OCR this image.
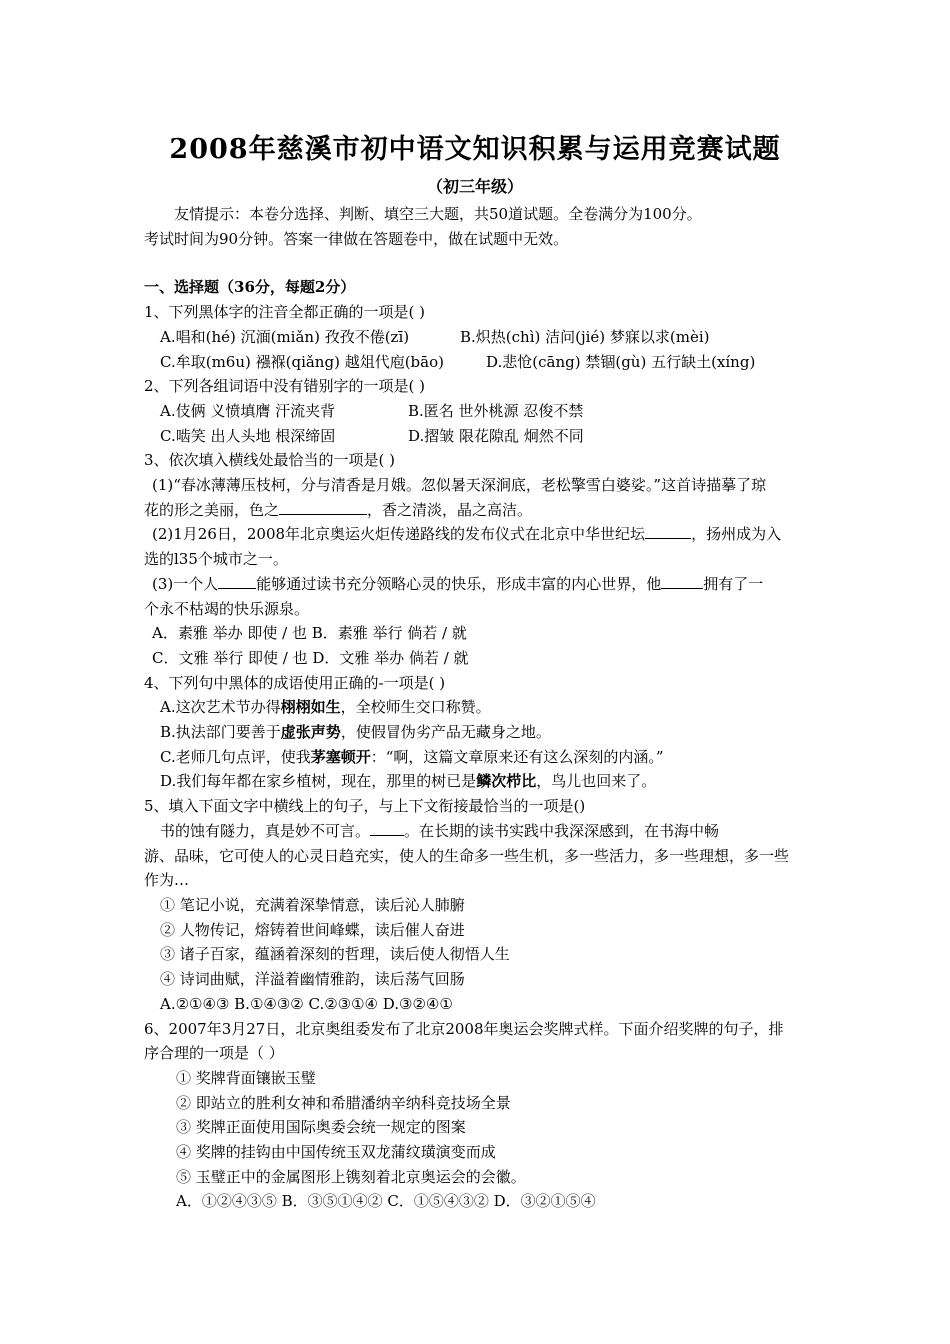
2008年慈溪市初中语文知识积累与运用竞赛试题
（初三年级）
友情提示：本卷分选择、判断、填空三大题，共50道试题。全卷满分为100分。
考试时间为90分钟。答案一律做在答题卷中，做在试题中无效。
一、选择题（36分，每题2分）
1、下列黑体字的注音全都正确的一项是( )
A.唱和(hé) 沉湎(miǎn) 孜孜不倦(zī)	B.炽热(chì) 洁问(jié) 梦寐以求(mèi)
C.牟取(m6u) 襁褓(qiǎng) 越俎代庖(bāo)	D.悲怆(cāng) 禁锢(gù) 五行缺土(xíng)
2、下列各组词语中没有错别字的一项是( )
A.伎俩 义愤填膺 汗流夹背	B.匿名 世外桃源 忍俊不禁
C.啮笑 出人头地 根深缔固	D.摺皱 限花隙乱 炯然不同
3、依次填入横线处最恰当的一项是( )
(1)“春冰薄薄压枝柯，分与清香是月娥。忽似暑天深涧底，老松擎雪白婆娑。”这首诗描摹了琼
花的形之美丽，色之	，香之清淡，晶之高洁。
(2)1月26日，2008年北京奥运火炬传递路线的发布仪式在北京中华世纪坛	，扬州成为入
选的l35个城市之一。
(3)一个人	能够通过读书充分领略心灵的快乐，形成丰富的内心世界，他	拥有了一
个永不枯竭的快乐源泉。
A．素雅 举办 即使 / 也 B．素雅 举行 倘若 / 就
C．文雅 举行 即使 / 也 D．文雅 举办 倘若 / 就
4、下列句中黑体的成语使用正确的-一项是( )
A.这次艺术节办得栩栩如生，全校师生交口称赞。
B.执法部门要善于虚张声势，使假冒伪劣产品无藏身之地。
C.老师几句点评，使我茅塞顿开：“啊，这篇文章原来还有这么深刻的内涵。”
D.我们每年都在家乡植树，现在，那里的树已是鳞次栉比，鸟儿也回来了。
5、填入下面文字中横线上的句子，与上下文衔接最恰当的一项是()
书的蚀有隧力，真是妙不可言。 。在长期的读书实践中我深深感到，在书海中畅
游、品味，它可使人的心灵日趋充实，使人的生命多一些生机，多一些活力，多一些理想，多一些
作为…
① 笔记小说，充满着深挚情意，读后沁人肺腑
② 人物传记，熔铸着世间峰蝶，读后催人奋进
③ 诸子百家，蕴涵着深刻的哲理，读后使人彻悟人生
④ 诗词曲赋，洋溢着幽情雅韵，读后荡气回肠
A.②①④③ B.①④③② C.②③①④ D.③②④①
6、2007年3月27日，北京奥组委发布了北京2008年奥运会奖牌式样。下面介绍奖牌的句子，排
序合理的一项是（ ）
① 奖牌背面镶嵌玉璧
② 即站立的胜利女神和希腊潘纳辛纳科竞技场全景
③ 奖牌正面使用国际奥委会统一规定的图案
④ 奖牌的挂钩由中国传统玉双龙蒲纹璜演变而成
⑤ 玉璧正中的金属图形上镌刻着北京奥运会的会徽。
A．①②④③⑤ B．③⑤①④② C．①⑤④③② D．③②①⑤④
